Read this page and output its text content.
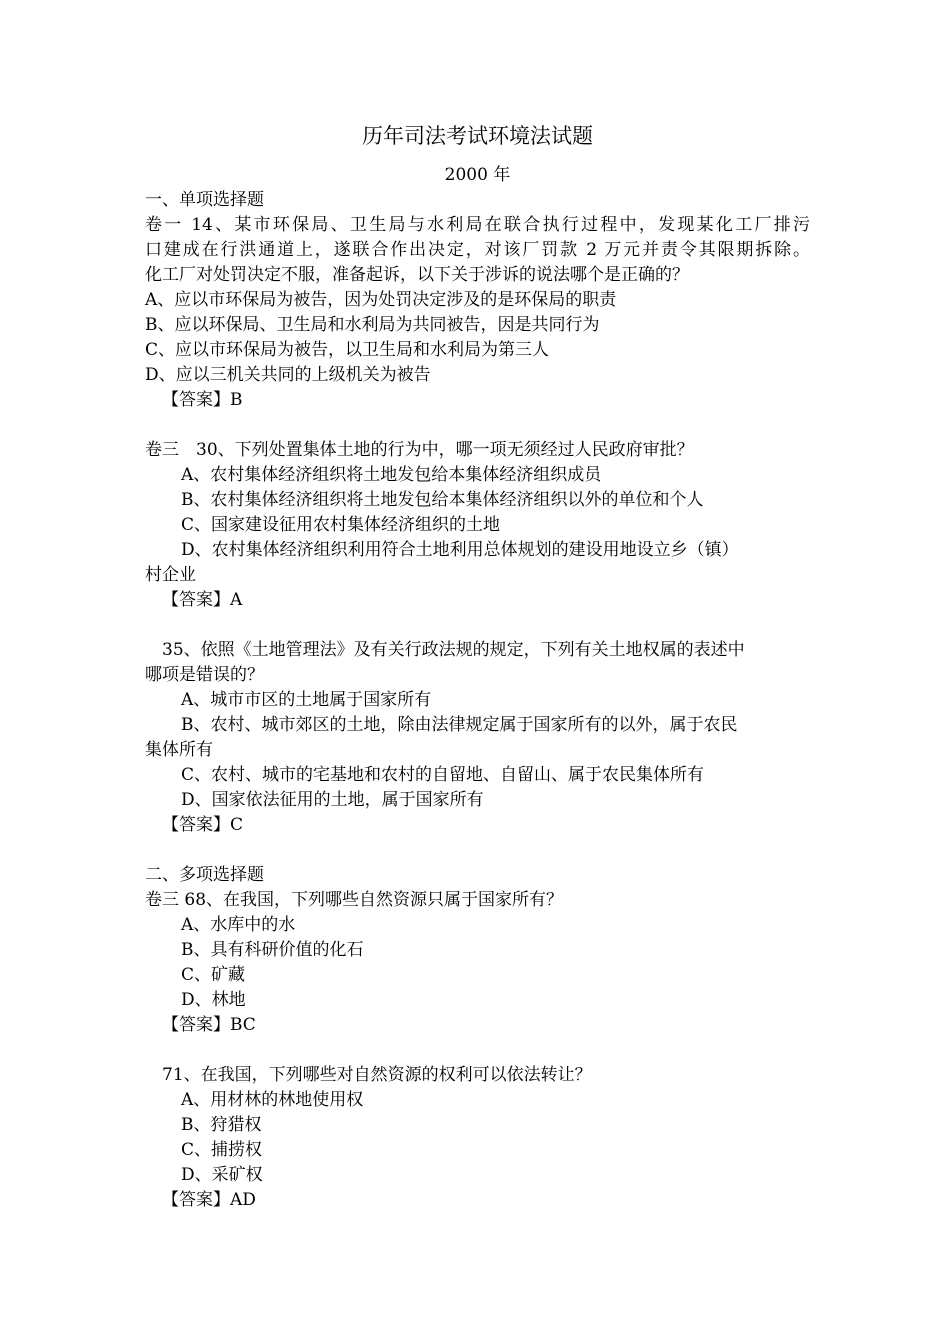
历年司法考试环境法试题
2000 年
一、单项选择题
卷一 14、某市环保局、卫生局与水利局在联合执行过程中，发现某化工厂排污
口建成在行洪通道上，遂联合作出决定，对该厂罚款 2 万元并责令其限期拆除。
化工厂对处罚决定不服，准备起诉，以下关于涉诉的说法哪个是正确的？
A、应以市环保局为被告，因为处罚决定涉及的是环保局的职责
B、应以环保局、卫生局和水利局为共同被告，因是共同行为
C、应以市环保局为被告，以卫生局和水利局为第三人
D、应以三机关共同的上级机关为被告
【答案】B
卷三　30、下列处置集体土地的行为中，哪一项无须经过人民政府审批？
A、农村集体经济组织将土地发包给本集体经济组织成员
B、农村集体经济组织将土地发包给本集体经济组织以外的单位和个人
C、国家建设征用农村集体经济组织的土地
D、农村集体经济组织利用符合土地利用总体规划的建设用地设立乡（镇）
村企业
【答案】A
35、依照《土地管理法》及有关行政法规的规定，下列有关土地权属的表述中
哪项是错误的？
A、城市市区的土地属于国家所有
B、农村、城市郊区的土地，除由法律规定属于国家所有的以外，属于农民
集体所有
C、农村、城市的宅基地和农村的自留地、自留山、属于农民集体所有
D、国家依法征用的土地，属于国家所有
【答案】C
二、多项选择题
卷三 68、在我国，下列哪些自然资源只属于国家所有？
A、水库中的水
B、具有科研价值的化石
C、矿藏
D、林地
【答案】BC
71、在我国，下列哪些对自然资源的权利可以依法转让？
A、用材林的林地使用权
B、狩猎权
C、捕捞权
D、采矿权
【答案】AD
